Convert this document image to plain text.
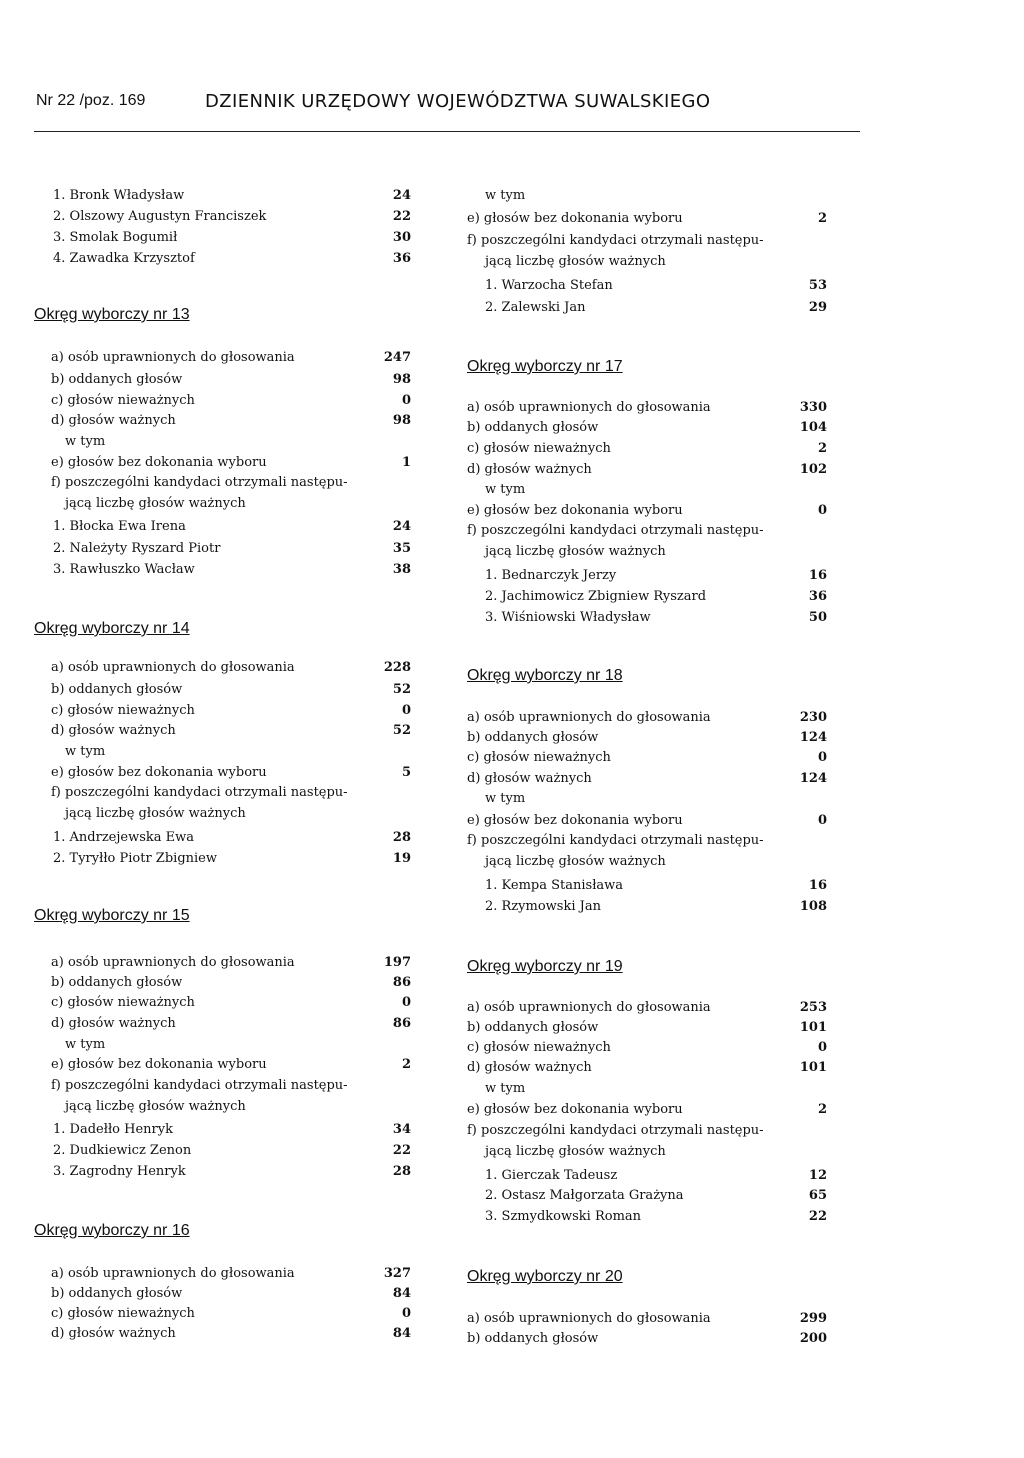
Nr 22 /poz. 169	DZIENNIK URZĘDOWY WOJEWÓDZTWA SUWALSKIEGO
1. Bronk Władysław	24
2. Olszowy Augustyn Franciszek	22
3. Smolak Bogumił	30
4. Zawadka Krzysztof	36
Okręg wyborczy nr 13
a) osób uprawnionych do głosowania	247
b) oddanych głosów	98
c) głosów nieważnych	0
d) głosów ważnych	98
w tym
e) głosów bez dokonania wyboru	1
f) poszczególni kandydaci otrzymali następu-
jącą liczbę głosów ważnych
1. Błocka Ewa Irena	24
2. Należyty Ryszard Piotr	35
3. Rawłuszko Wacław	38
Okręg wyborczy nr 14
a) osób uprawnionych do głosowania	228
b) oddanych głosów	52
c) głosów nieważnych	0
d) głosów ważnych	52
w tym
e) głosów bez dokonania wyboru	5
f) poszczególni kandydaci otrzymali następu-
jącą liczbę głosów ważnych
1. Andrzejewska Ewa	28
2. Tyryłło Piotr Zbigniew	19
Okręg wyborczy nr 15
a) osób uprawnionych do głosowania	197
b) oddanych głosów	86
c) głosów nieważnych	0
d) głosów ważnych	86
w tym
e) głosów bez dokonania wyboru	2
f) poszczególni kandydaci otrzymali następu-
jącą liczbę głosów ważnych
1. Dadełło Henryk	34
2. Dudkiewicz Zenon	22
3. Zagrodny Henryk	28
Okręg wyborczy nr 16
a) osób uprawnionych do głosowania	327
b) oddanych głosów	84
c) głosów nieważnych	0
d) głosów ważnych	84
w tym
e) głosów bez dokonania wyboru	2
f) poszczególni kandydaci otrzymali następu-
jącą liczbę głosów ważnych
1. Warzocha Stefan	53
2. Zalewski Jan	29
Okręg wyborczy nr 17
a) osób uprawnionych do głosowania	330
b) oddanych głosów	104
c) głosów nieważnych	2
d) głosów ważnych	102
w tym
e) głosów bez dokonania wyboru	0
f) poszczególni kandydaci otrzymali następu-
jącą liczbę głosów ważnych
1. Bednarczyk Jerzy	16
2. Jachimowicz Zbigniew Ryszard	36
3. Wiśniowski Władysław	50
Okręg wyborczy nr 18
a) osób uprawnionych do głosowania	230
b) oddanych głosów	124
c) głosów nieważnych	0
d) głosów ważnych	124
w tym
e) głosów bez dokonania wyboru	0
f) poszczególni kandydaci otrzymali następu-
jącą liczbę głosów ważnych
1. Kempa Stanisława	16
2. Rzymowski Jan	108
Okręg wyborczy nr 19
a) osób uprawnionych do głosowania	253
b) oddanych głosów	101
c) głosów nieważnych	0
d) głosów ważnych	101
w tym
e) głosów bez dokonania wyboru	2
f) poszczególni kandydaci otrzymali następu-
jącą liczbę głosów ważnych
1. Gierczak Tadeusz	12
2. Ostasz Małgorzata Grażyna	65
3. Szmydkowski Roman	22
Okręg wyborczy nr 20
a) osób uprawnionych do głosowania	299
b) oddanych głosów	200
